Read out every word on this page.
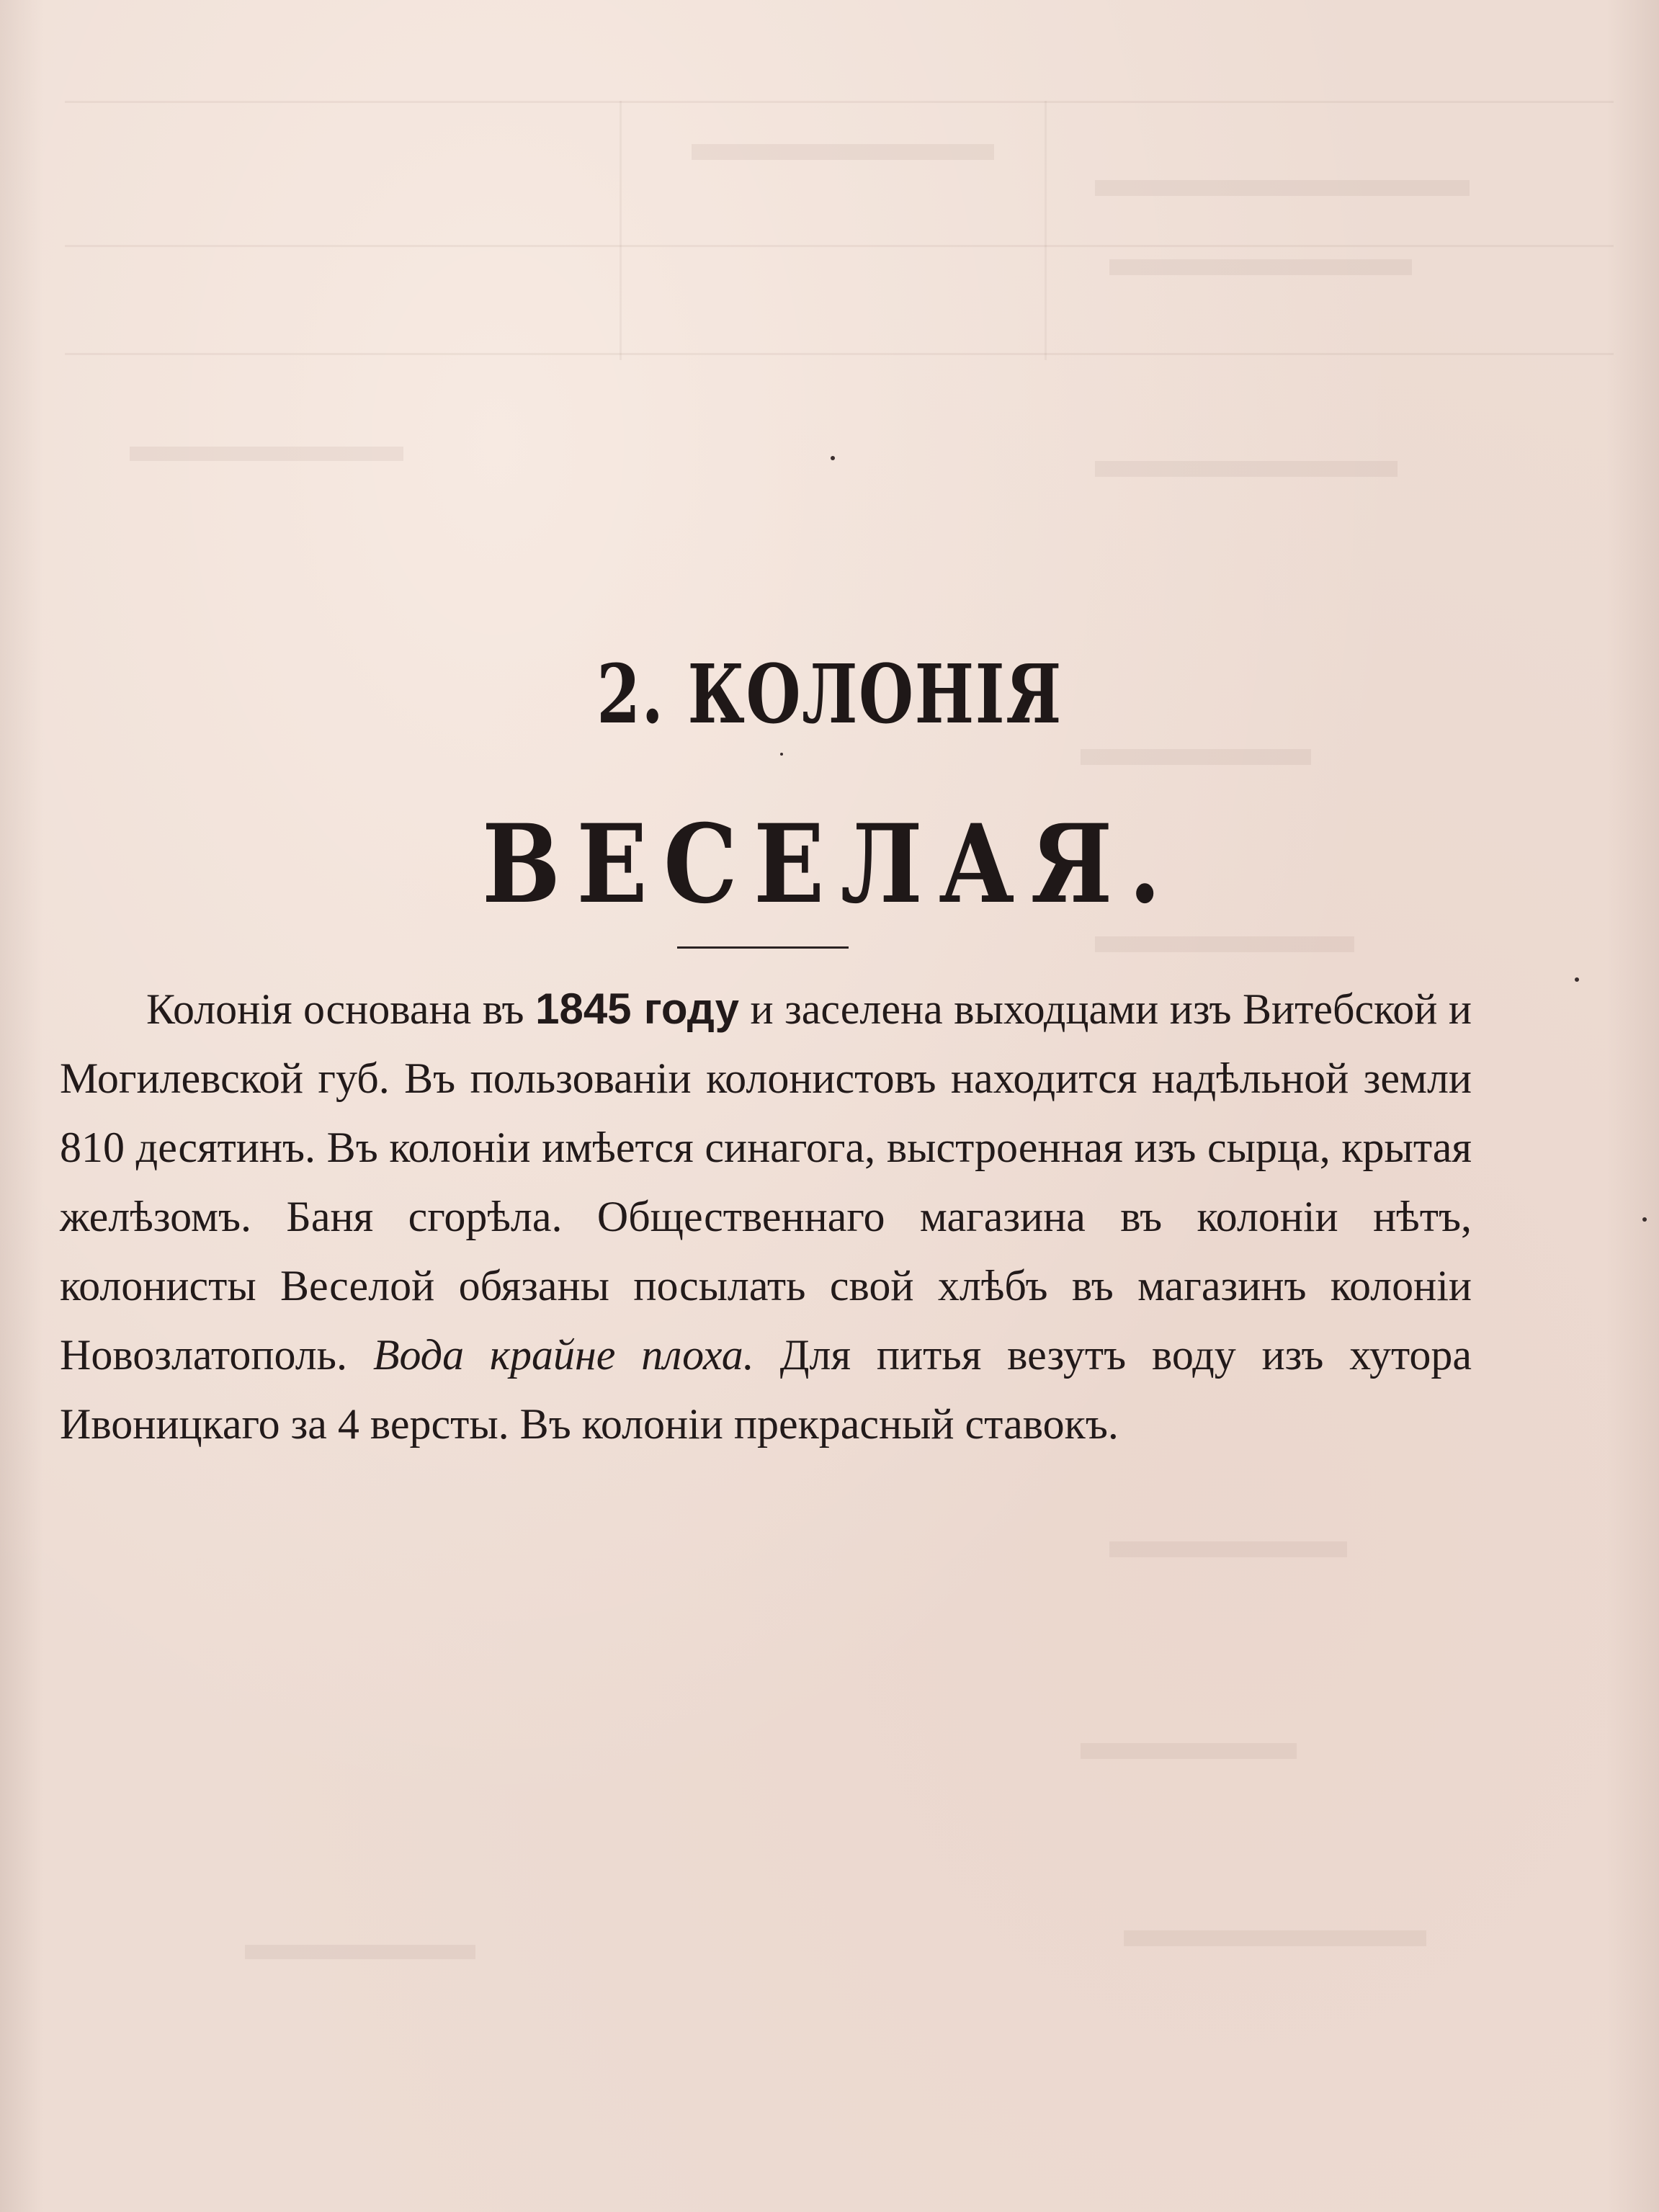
2. КОЛОНІЯ
ВЕСЕЛАЯ.

Колонія основана въ 1845 году и заселена выходцами изъ Витебской и Могилевской губ. Въ пользованіи колонистовъ находится надѣльной земли 810 десятинъ. Въ колоніи имѣется синагога, выстроенная изъ сырца, крытая желѣзомъ. Баня сгорѣла. Общественнаго магазина въ колоніи нѣтъ, колонисты Веселой обязаны посылать свой хлѣбъ въ магазинъ колоніи Новозлатополь. Вода крайне плоха. Для питья везутъ воду изъ хутора Ивоницкаго за 4 версты. Въ колоніи прекрасный ставокъ.
